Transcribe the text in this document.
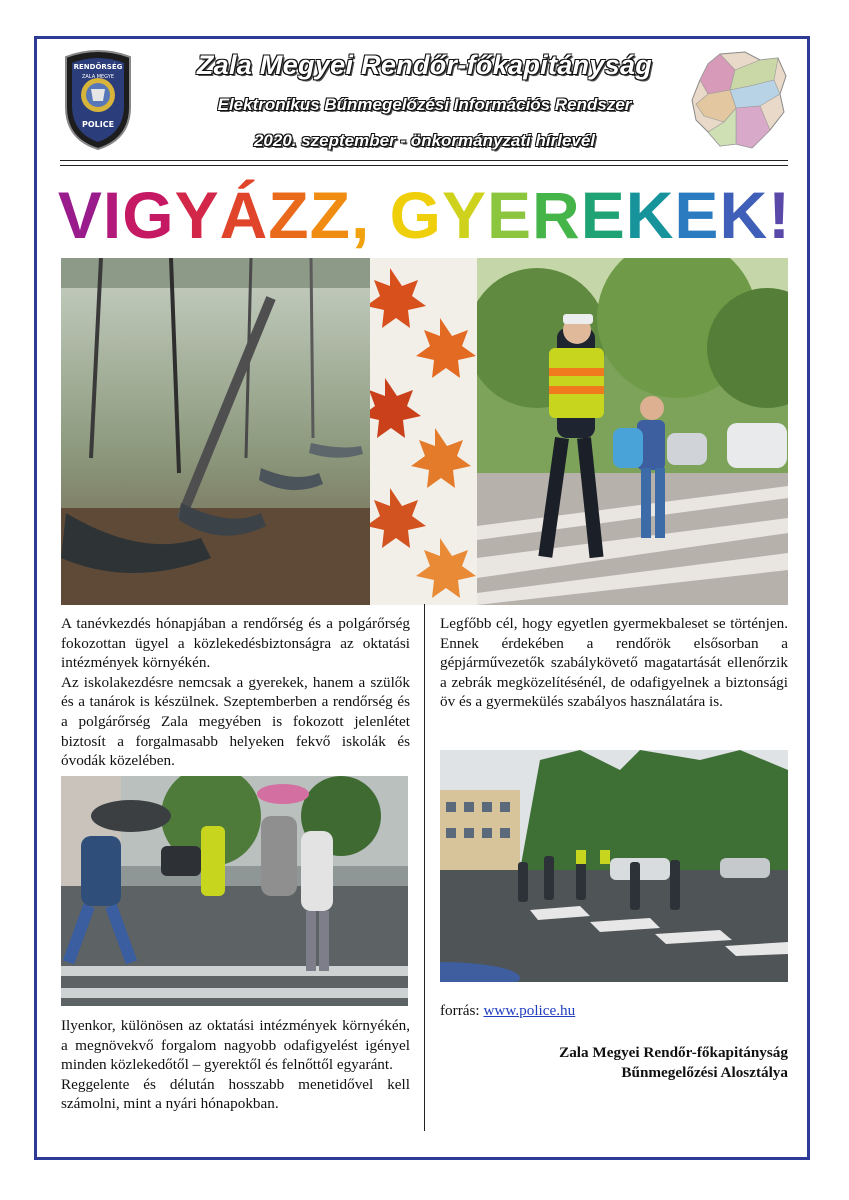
RENDŐRSÉG
ZALA MEGYE
POLICE
Zala Megyei Rendőr-főkapitányság
Elektronikus Bűnmegelőzési Információs Rendszer
2020. szeptember - önkormányzati hírlevél
VIGYÁZZ, GYEREKEK!

A tanévkezdés hónapjában a rendőrség és a polgárőrség fokozottan ügyel a közlekedésbiztonságra az oktatási intézmények környékén.

Az iskolakezdésre nemcsak a gyerekek, hanem a szülők és a tanárok is készülnek. Szeptemberben a rendőrség és a polgárőrség Zala megyében is fokozott jelenlétet biztosít a forgalmasabb helyeken fekvő iskolák és óvodák közelében.

Legfőbb cél, hogy egyetlen gyermekbaleset se történjen. Ennek érdekében a rendőrök elsősorban a gépjárművezetők szabálykövető magatartását ellenőrzik a zebrák megközelítésénél, de odafigyelnek a biztonsági öv és a gyermekülés szabályos használatára is.

Ilyenkor, különösen az oktatási intézmények környékén, a megnövekvő forgalom nagyobb odafigyelést igényel minden közlekedőtől – gyerektől és felnőttől egyaránt.

Reggelente és délután hosszabb menetidővel kell számolni, mint a nyári hónapokban.

forrás: www.police.hu
Zala Megyei Rendőr-főkapitányság
Bűnmegelőzési Alosztálya
